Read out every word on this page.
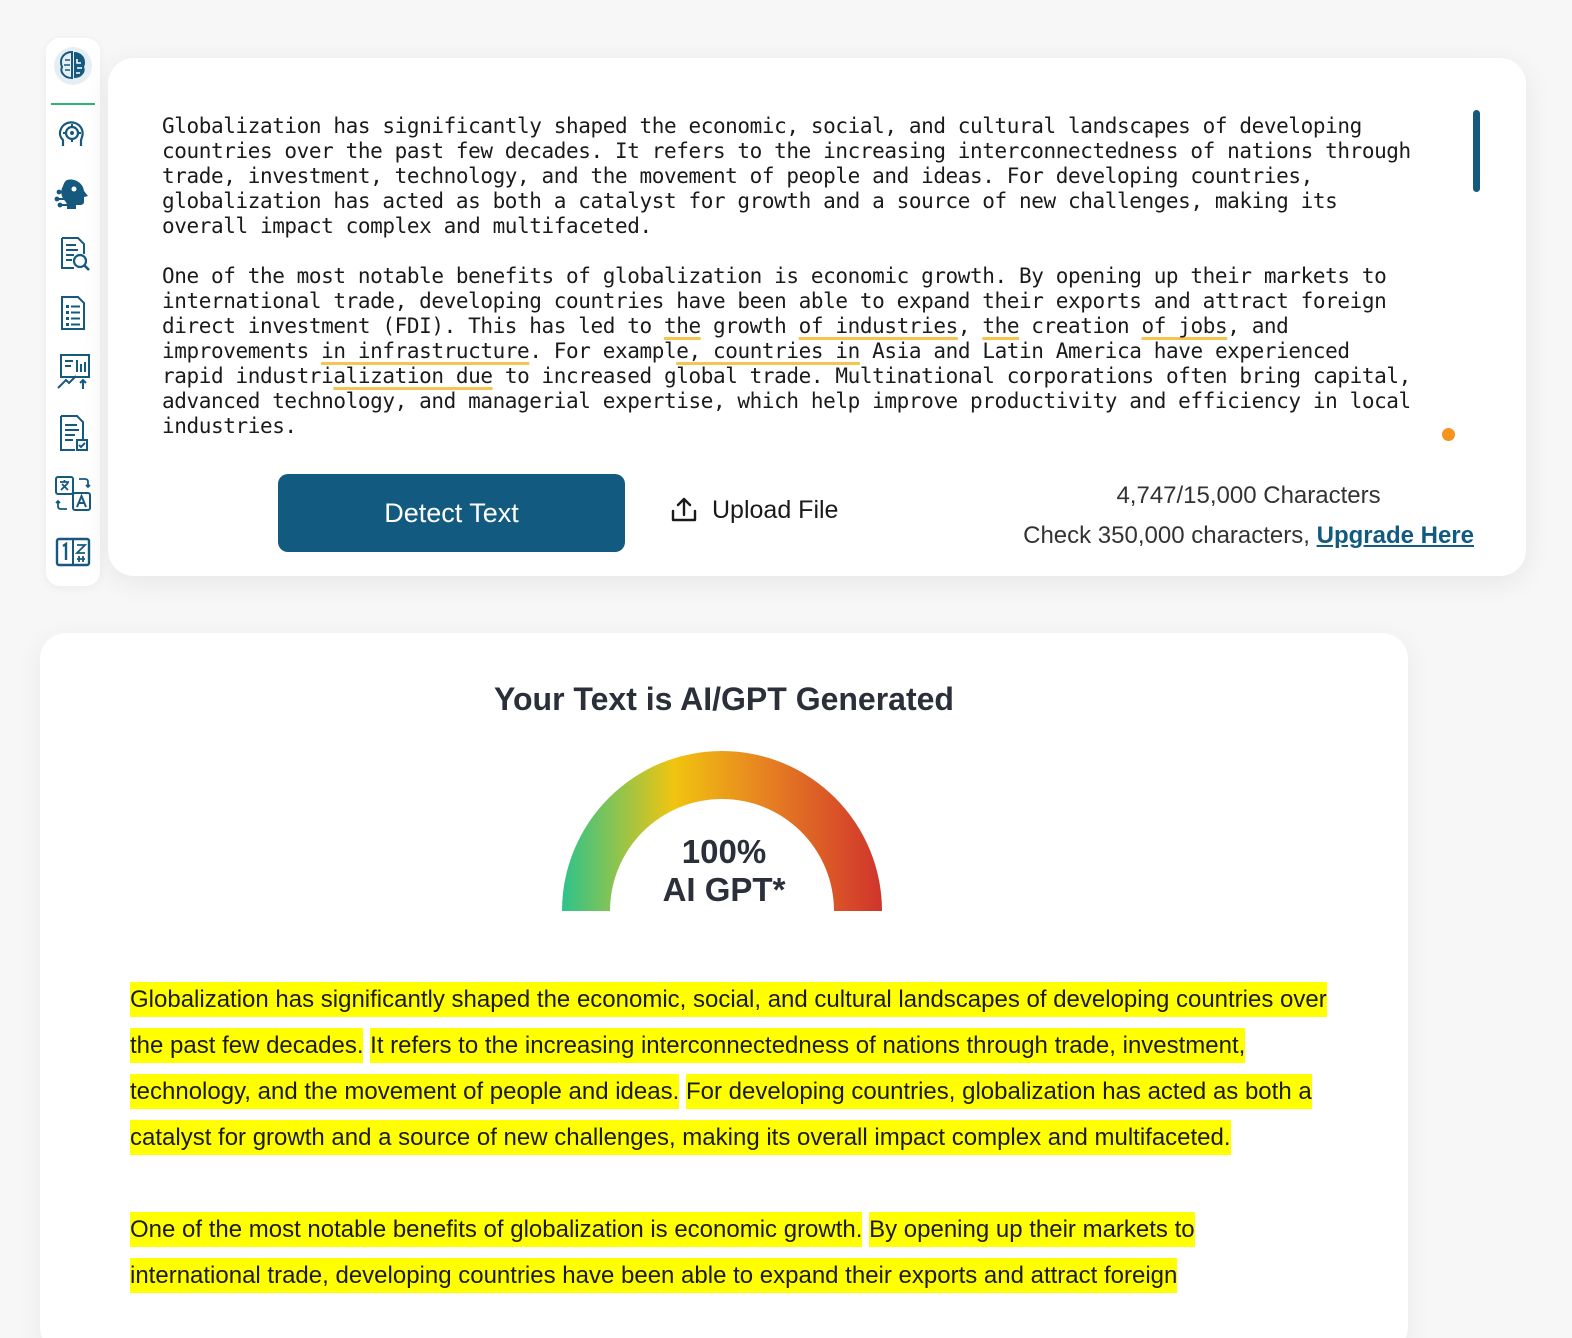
Globalization has significantly shaped the economic, social, and cultural landscapes of developing
countries over the past few decades. It refers to the increasing interconnectedness of nations through
trade, investment, technology, and the movement of people and ideas. For developing countries,
globalization has acted as both a catalyst for growth and a source of new challenges, making its
overall impact complex and multifaceted.

One of the most notable benefits of globalization is economic growth. By opening up their markets to
international trade, developing countries have been able to expand their exports and attract foreign
direct investment (FDI). This has led to the growth of industries, the creation of jobs, and
improvements in infrastructure. For example, countries in Asia and Latin America have experienced
rapid industrialization due to increased global trade. Multinational corporations often bring capital,
advanced technology, and managerial expertise, which help improve productivity and efficiency in local
industries.

Detect Text	Upload File	4,747/15,000 Characters
Check 350,000 characters, Upgrade Here
Your Text is AI/GPT Generated
100%
AI GPT*

Globalization has significantly shaped the economic, social, and cultural landscapes of developing countries over the past few decades. It refers to the increasing interconnectedness of nations through trade, investment, technology, and the movement of people and ideas. For developing countries, globalization has acted as both a catalyst for growth and a source of new challenges, making its overall impact complex and multifaceted.

One of the most notable benefits of globalization is economic growth. By opening up their markets to international trade, developing countries have been able to expand their exports and attract foreign
